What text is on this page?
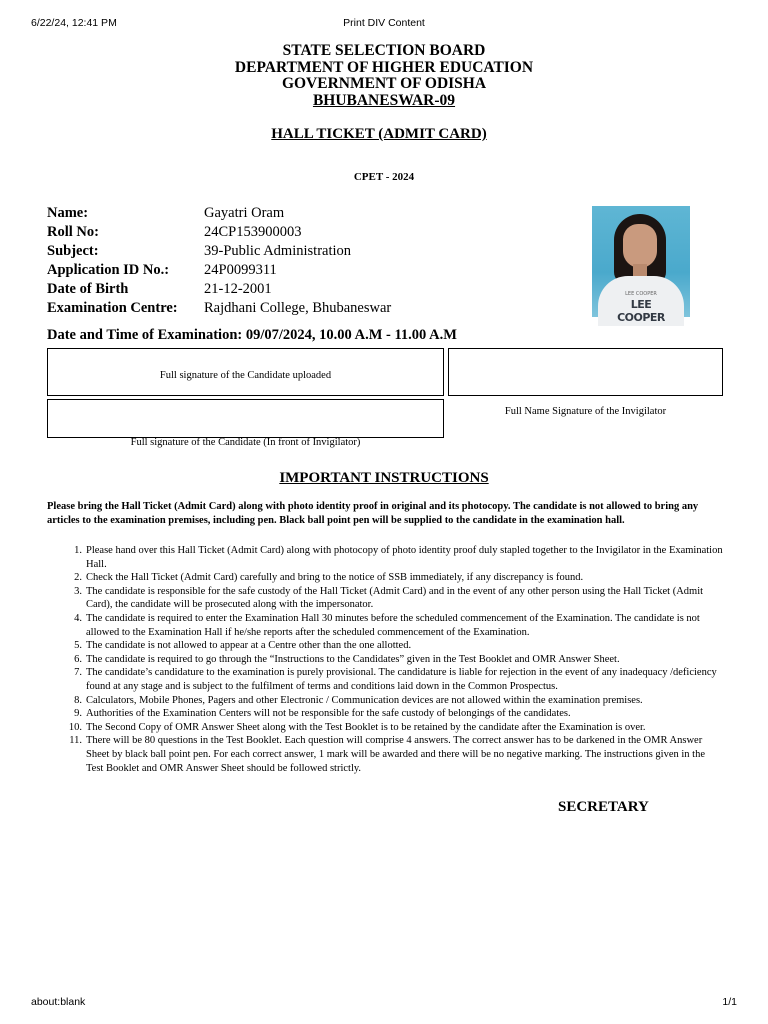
6/22/24, 12:41 PM	Print DIV Content
STATE SELECTION BOARD
DEPARTMENT OF HIGHER EDUCATION
GOVERNMENT OF ODISHA
BHUBANESWAR-09
HALL TICKET (ADMIT CARD)
CPET - 2024
Name:	Gayatri Oram
Roll No:	24CP153900003
Subject:	39-Public Administration
Application ID No.: 24P0099311
Date of Birth	21-12-2001
Examination Centre: Rajdhani College, Bhubaneswar
LEE COOPER
LEE COOPER
Date and Time of Examination: 09/07/2024, 10.00 A.M - 11.00 A.M
Full signature of the Candidate uploaded
Full Name Signature of the Invigilator
Full signature of the Candidate (In front of Invigilator)
IMPORTANT INSTRUCTIONS
Please bring the Hall Ticket (Admit Card) along with photo identity proof in original and its photocopy. The candidate is not allowed to bring any articles to the examination premises, including pen. Black ball point pen will be supplied to the candidate in the examination hall.
1. Please hand over this Hall Ticket (Admit Card) along with photocopy of photo identity proof duly stapled together to the Invigilator in the Examination Hall.
2. Check the Hall Ticket (Admit Card) carefully and bring to the notice of SSB immediately, if any discrepancy is found.
3. The candidate is responsible for the safe custody of the Hall Ticket (Admit Card) and in the event of any other person using the Hall Ticket (Admit Card), the candidate will be prosecuted along with the impersonator.
4. The candidate is required to enter the Examination Hall 30 minutes before the scheduled commencement of the Examination. The candidate is not allowed to the Examination Hall if he/she reports after the scheduled commencement of the Examination.
5. The candidate is not allowed to appear at a Centre other than the one allotted.
6. The candidate is required to go through the “Instructions to the Candidates” given in the Test Booklet and OMR Answer Sheet.
7. The candidate’s candidature to the examination is purely provisional. The candidature is liable for rejection in the event of any inadequacy /deficiency found at any stage and is subject to the fulfilment of terms and conditions laid down in the Common Prospectus.
8. Calculators, Mobile Phones, Pagers and other Electronic / Communication devices are not allowed within the examination premises.
9. Authorities of the Examination Centers will not be responsible for the safe custody of belongings of the candidates.
10. The Second Copy of OMR Answer Sheet along with the Test Booklet is to be retained by the candidate after the Examination is over.
11. There will be 80 questions in the Test Booklet. Each question will comprise 4 answers. The correct answer has to be darkened in the OMR Answer Sheet by black ball point pen. For each correct answer, 1 mark will be awarded and there will be no negative marking. The instructions given in the Test Booklet and OMR Answer Sheet should be followed strictly.
SECRETARY
about:blank	1/1
